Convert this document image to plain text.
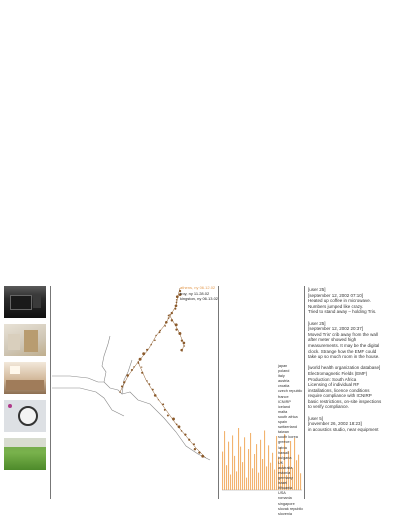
athens, ny 06.12.02
troy, ny 11.28.02
kingston, ny 06.13.02
japan
poland
italy
austria
croatia
czech republic
france
ICNIRP
iceland
malta
south africa
spain
switzerland
taiwan
south korea
greece
latvia
hawaii
bulgaria
UK
australia
estonia
germany
israel
lithuania
USA
romania
singapore
slovak republic
slovenia

[user 25]
[september 12, 2002 07:10]
Heated up coffee in microwave.
Numbers jumped like crazy.
Tried to stand away – holding Tris.

[user 25]
[september 12, 2002 20:37]
Moved Tris' crib away from the wall
after meter showed high
measurements. It may be the digital
clock. Strange how the EMF could
take up so much room in the house.

[world health organization database]
Electromagnetic Fields (EMF)
Production: South Africa
Licensing of individual RF
installations, licence conditions
require compliance with ICNIRP
basic restrictions, on-site inspections
to verify compliance.

[user 5]
[november 26, 2002 18:23]
in acoustics studio, near equipment
